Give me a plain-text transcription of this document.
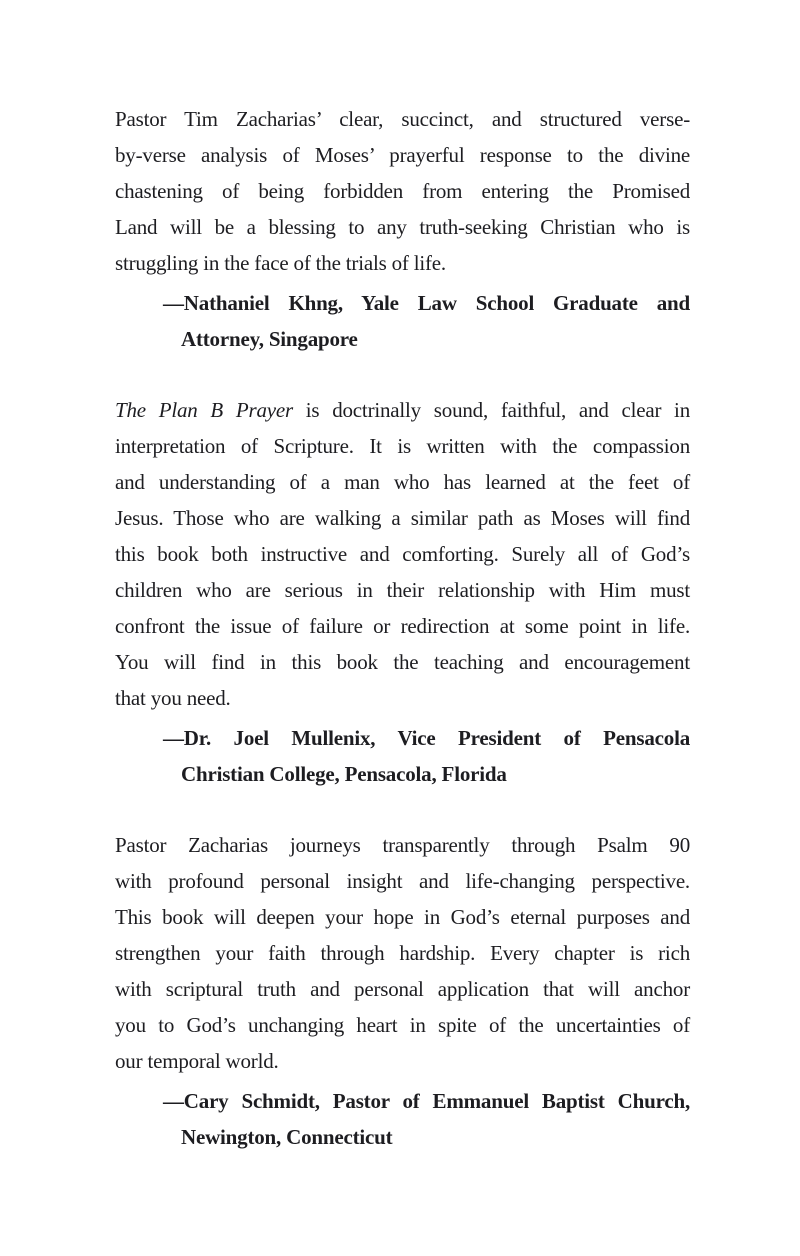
Pastor Tim Zacharias’ clear, succinct, and structured verse-
by-verse analysis of Moses’ prayerful response to the divine
chastening of being forbidden from entering the Promised
Land will be a blessing to any truth-seeking Christian who is
struggling in the face of the trials of life.
—Nathaniel Khng, Yale Law School Graduate and
Attorney, Singapore
The Plan B Prayer is doctrinally sound, faithful, and clear in
interpretation of Scripture. It is written with the compassion
and understanding of a man who has learned at the feet of
Jesus. Those who are walking a similar path as Moses will find
this book both instructive and comforting. Surely all of God’s
children who are serious in their relationship with Him must
confront the issue of failure or redirection at some point in life.
You will find in this book the teaching and encouragement
that you need.
—Dr. Joel Mullenix, Vice President of Pensacola
Christian College, Pensacola, Florida
Pastor Zacharias journeys transparently through Psalm 90
with profound personal insight and life-changing perspective.
This book will deepen your hope in God’s eternal purposes and
strengthen your faith through hardship. Every chapter is rich
with scriptural truth and personal application that will anchor
you to God’s unchanging heart in spite of the uncertainties of
our temporal world.
—Cary Schmidt, Pastor of Emmanuel Baptist Church,
Newington, Connecticut
